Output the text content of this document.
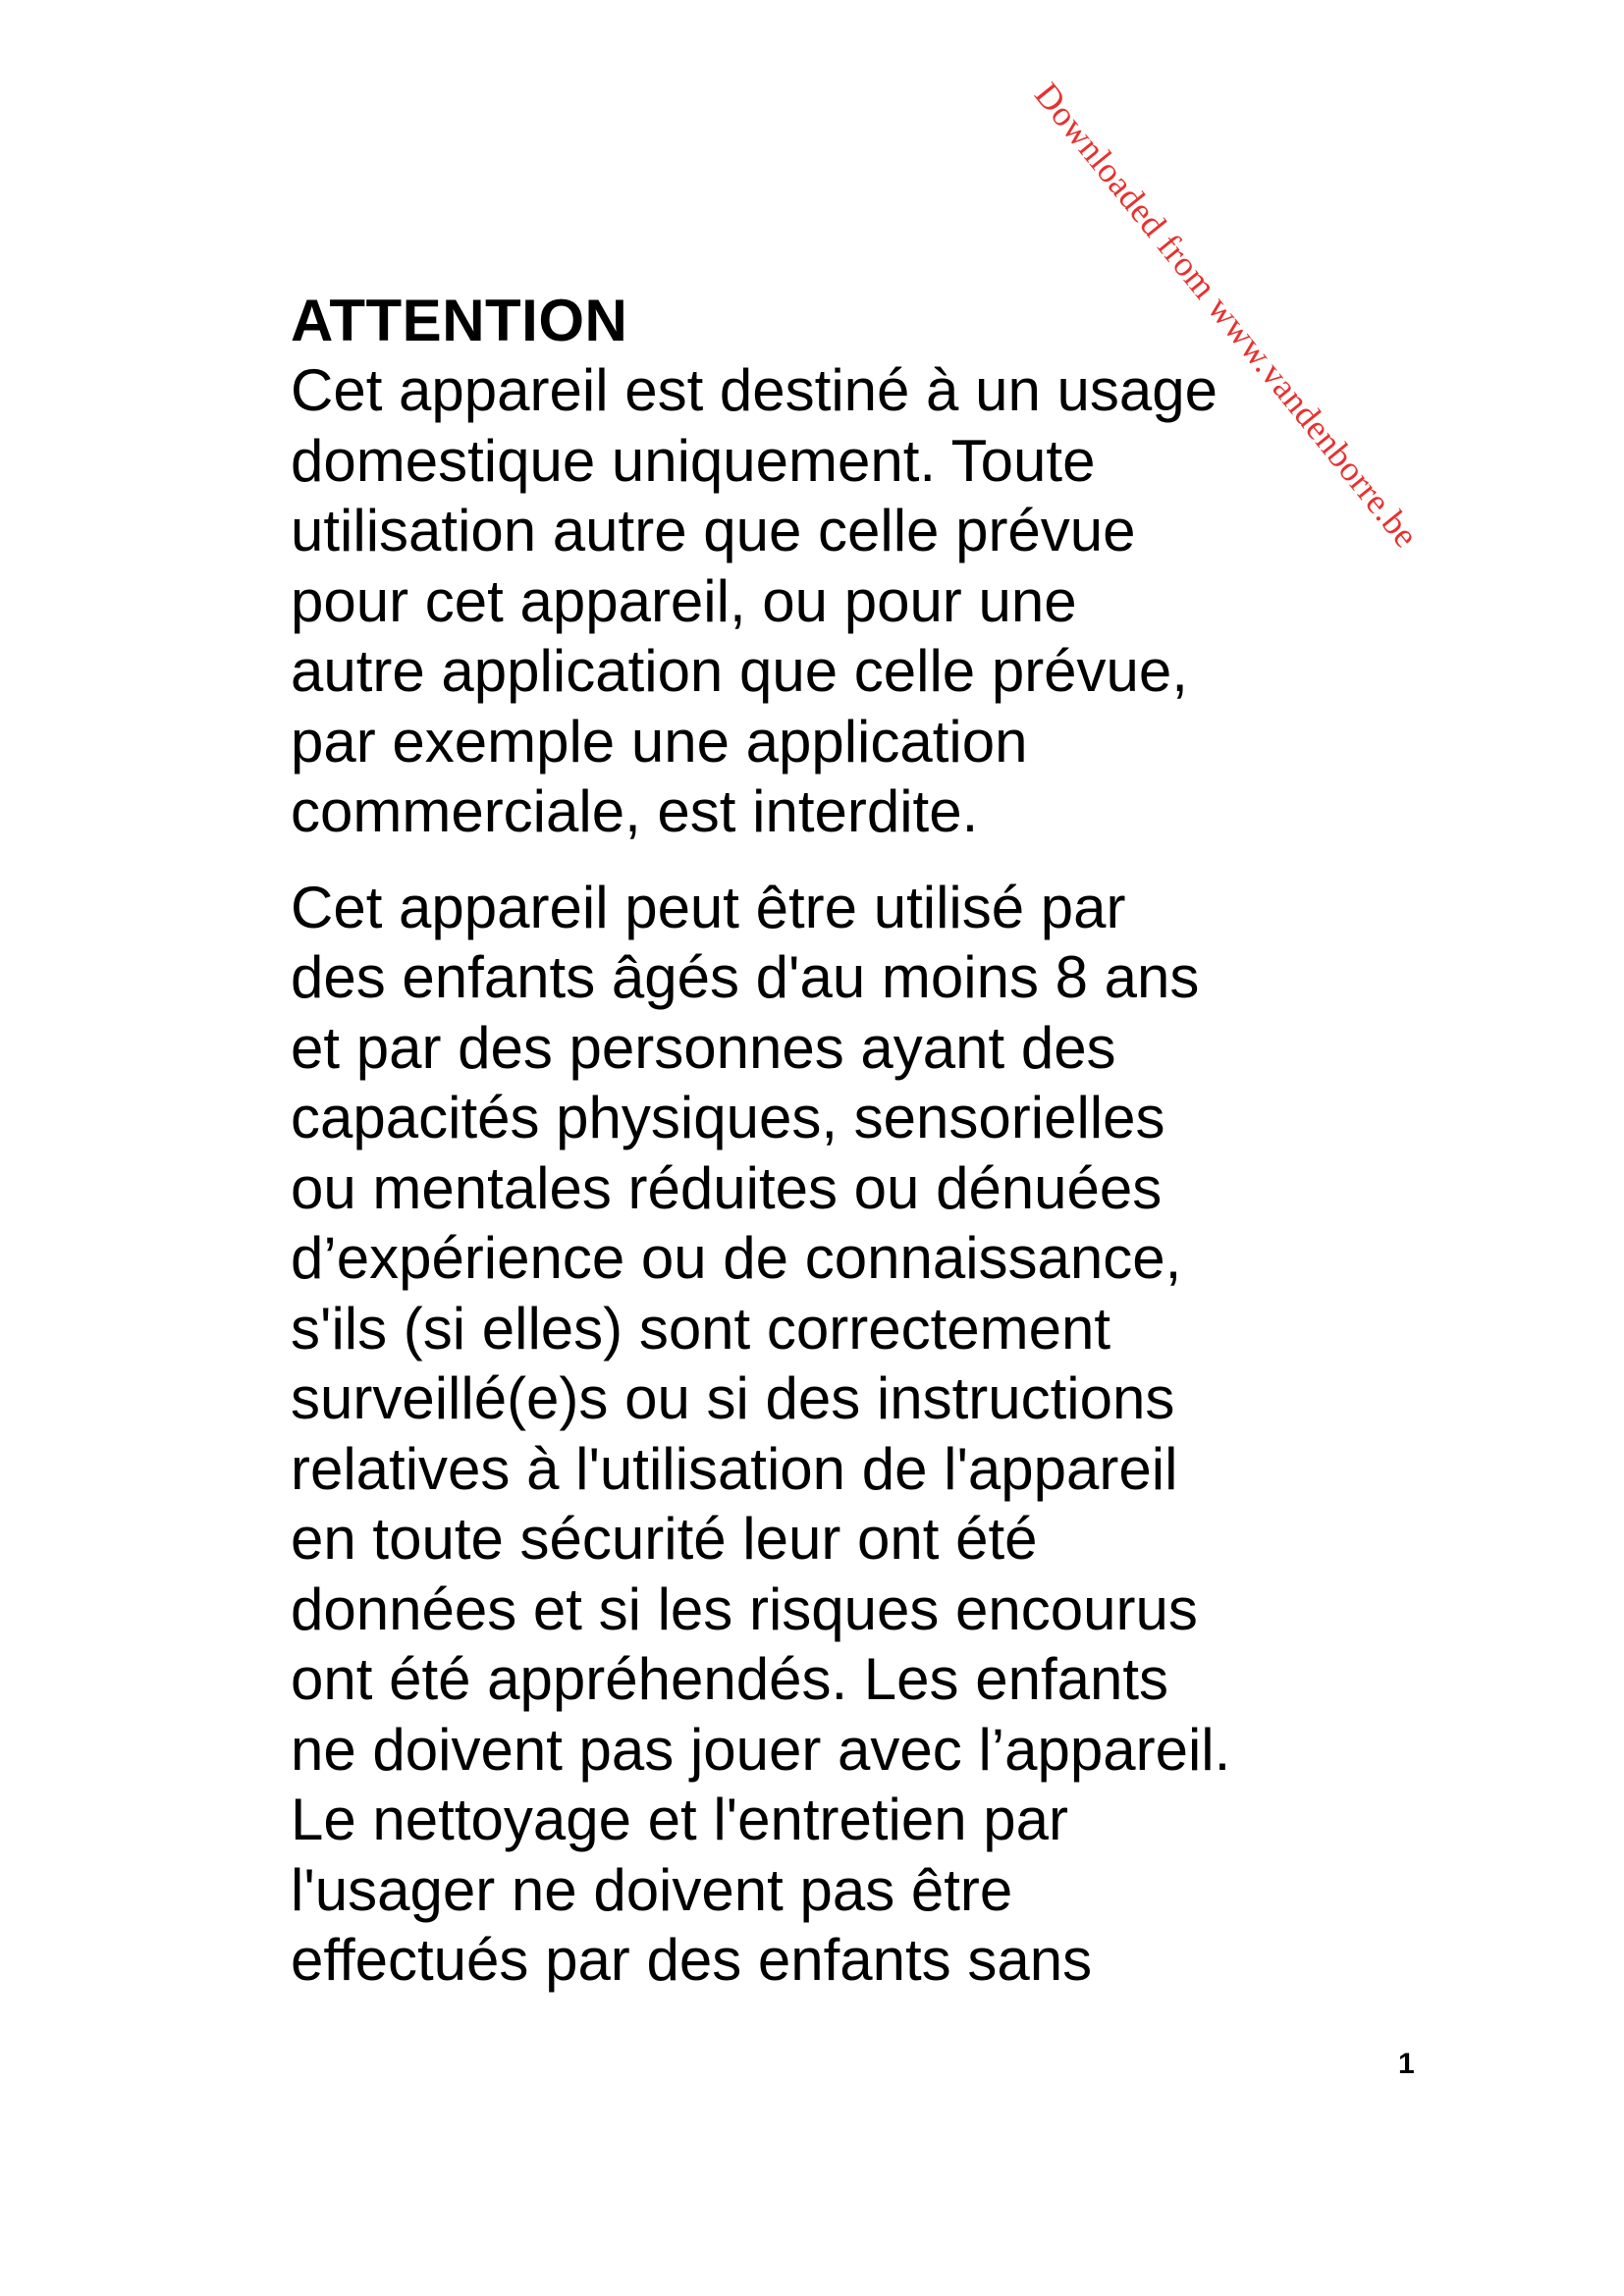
Downloaded from www.vandenborre.be
ATTENTION
Cet appareil est destiné à un usage
domestique uniquement. Toute
utilisation autre que celle prévue
pour cet appareil, ou pour une
autre application que celle prévue,
par exemple une application
commerciale, est interdite.
Cet appareil peut être utilisé par
des enfants âgés d'au moins 8 ans
et par des personnes ayant des
capacités physiques, sensorielles
ou mentales réduites ou dénuées
d’expérience ou de connaissance,
s'ils (si elles) sont correctement
surveillé(e)s ou si des instructions
relatives à l'utilisation de l'appareil
en toute sécurité leur ont été
données et si les risques encourus
ont été appréhendés. Les enfants
ne doivent pas jouer avec l’appareil.
Le nettoyage et l'entretien par
l'usager ne doivent pas être
effectués par des enfants sans
1
